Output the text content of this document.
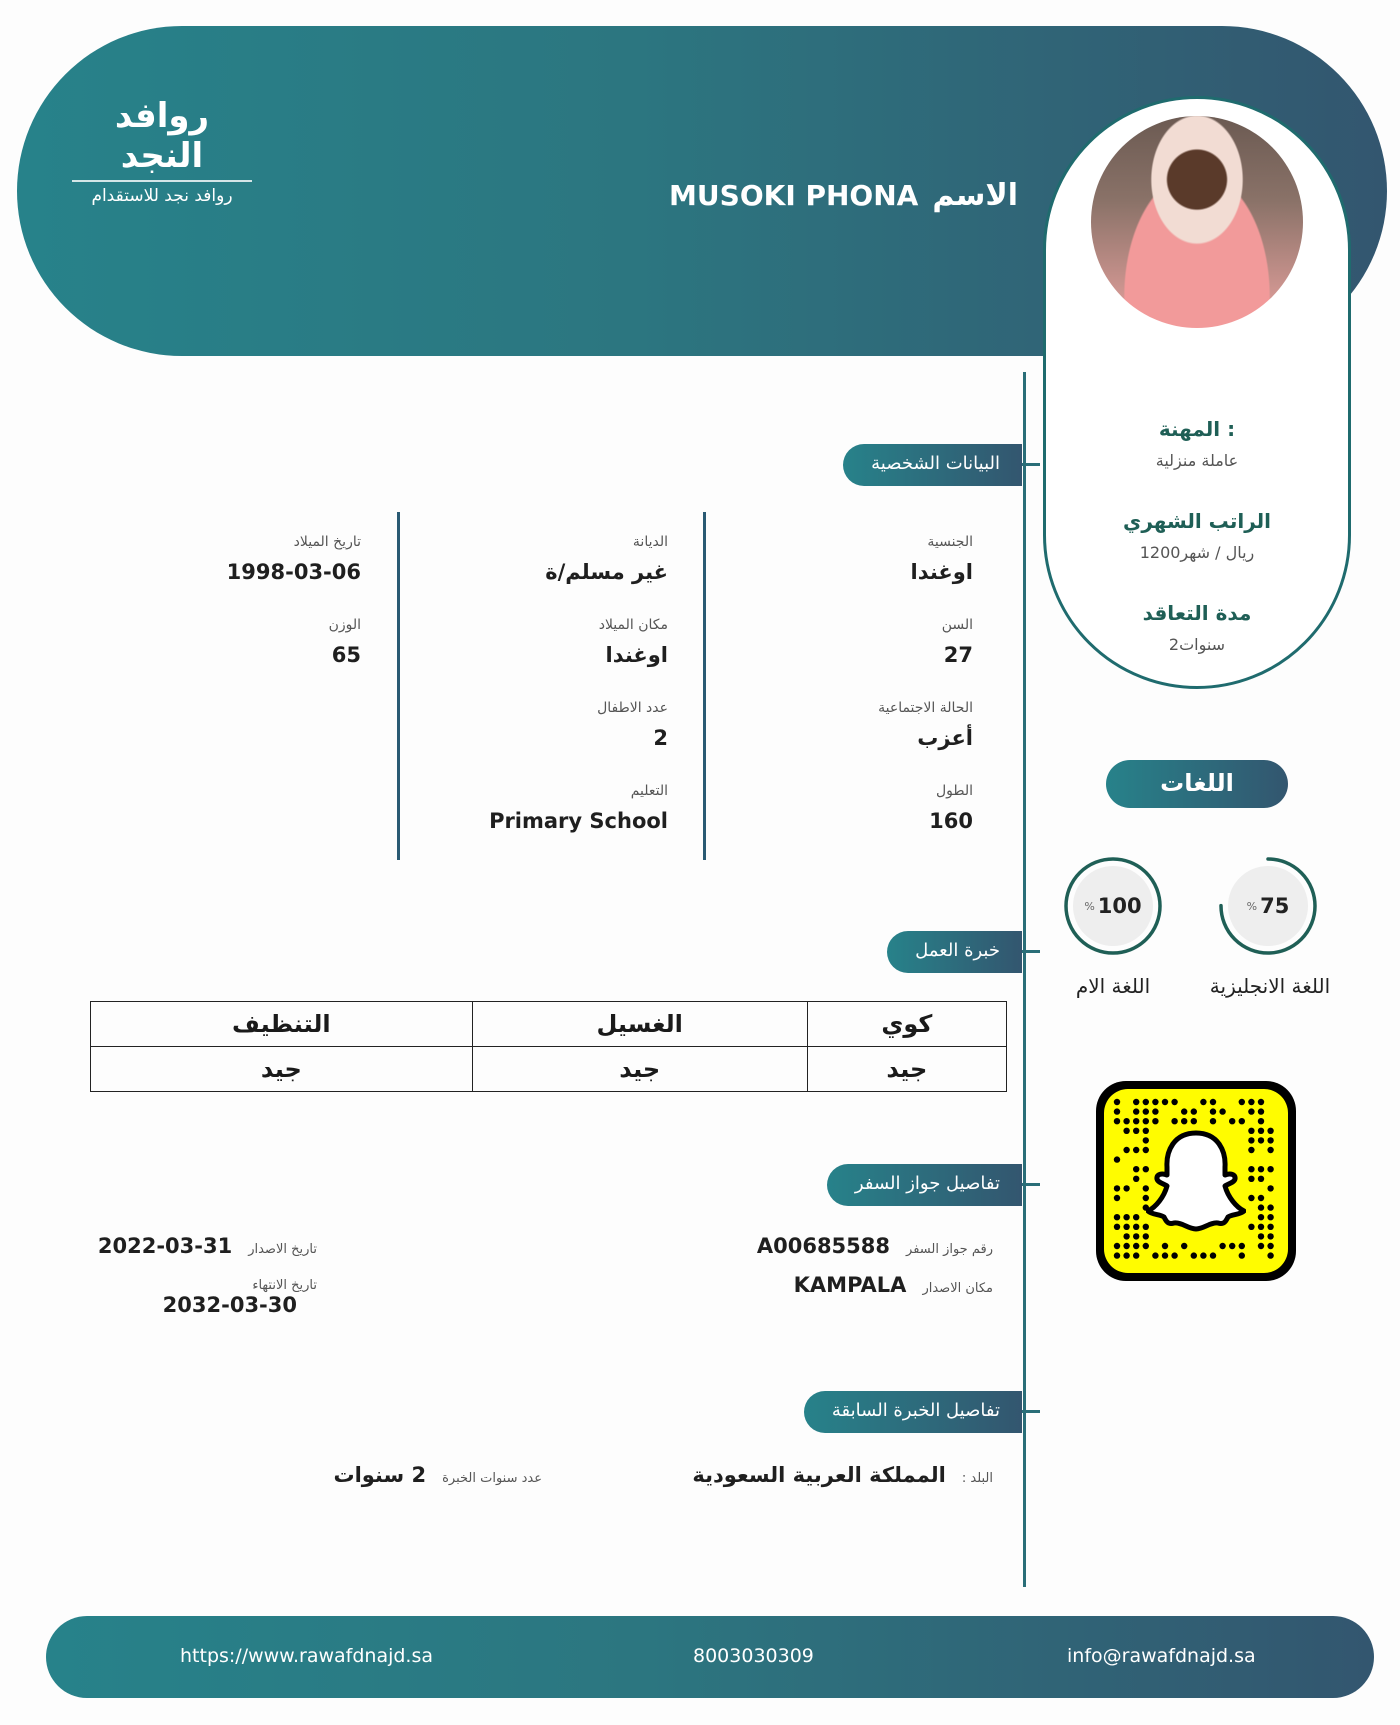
روافد النجد
روافد نجد للاستقدام	MUSOKI PHONA الاسم
المهنة :
عاملة منزلية
الراتب الشهري
1200ريال / شهر
مدة التعاقد
2سنوات
اللغات
% 75
اللغة الانجليزية
% 100
اللغة الام
البيانات الشخصية
الجنسية
اوغندا
السن
27
الحالة الاجتماعية
أعزب
الطول
160
الديانة
غير مسلم/ة
مكان الميلاد
اوغندا
عدد الاطفال
2
التعليم
Primary School
تاريخ الميلاد
1998-03-06
الوزن
65
خبرة العمل
كوي	الغسيل	التنظيف
جيد	جيد	جيد
تفاصيل جواز السفر
رقم جواز السفر
A00685588
مكان الاصدار
KAMPALA
تاريخ الاصدار
2022-03-31
تاريخ الانتهاء
2032-03-30
تفاصيل الخبرة السابقة
البلد :
المملكة العربية السعودية
عدد سنوات الخبرة
2 سنوات
https://www.rawafdnajd.sa	8003030309	info@rawafdnajd.sa
